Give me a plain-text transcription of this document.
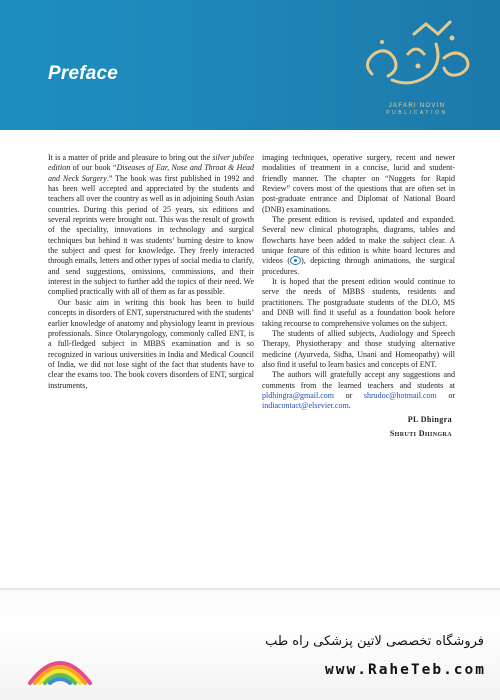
Preface
JAFARI NOVIN
PUBLICATION

It is a matter of pride and pleasure to bring out the silver jubilee edition of our book “Diseases of Ear, Nose and Throat & Head and Neck Surgery.” The book was first published in 1992 and has been well accepted and appreciated by the students and teachers all over the country as well as in adjoining South Asian countries. During this period of 25 years, six editions and several reprints were brought out. This was the result of growth of the speciality, innovations in technology and surgical techniques but behind it was students’ burning desire to know the subject and quest for knowledge. They freely interacted through emails, letters and other types of social media to clarify, and send suggestions, omissions, commissions, and their interest in the subject to further add the topics of their need. We complied practically with all of them as far as possible.

Our basic aim in writing this book has been to build concepts in disorders of ENT, superstructured with the students’ earlier knowledge of anatomy and physiology learnt in previous professionals. Since Otolaryngology, commonly called ENT, is a full-fledged subject in MBBS examination and is so recognized in various universities in India and Medical Council of India, we did not lose sight of the fact that students have to clear the exams too. The book covers disorders of ENT, surgical instruments,

imaging techniques, operative surgery, recent and newer modalities of treatment in a concise, lucid and student-friendly manner. The chapter on “Nuggets for Rapid Review” covers most of the questions that are often set in post-graduate entrance and Diplomat of National Board (DNB) examinations.

The present edition is revised, updated and expanded. Several new clinical photographs, diagrams, tables and flowcharts have been added to make the subject clear. A unique feature of this edition is white board lectures and videos ( ), depicting through animations, the surgical procedures.

It is hoped that the present edition would continue to serve the needs of MBBS students, residents and practitioners. The postgraduate students of the DLO, MS and DNB will find it useful as a foundation book before taking recourse to comprehensive volumes on the subject.

The students of allied subjects, Audiology and Speech Therapy, Physiotherapy and those studying alternative medicine (Ayurveda, Sidha, Unani and Homeopathy) will also find it useful to learn basics and concepts of ENT.

The authors will gratefully accept any suggestions and comments from the learned teachers and students at pldhingra@gmail.com or shrudoc@hotmail.com or indiacontact@elsevier.com.

PL Dhingra
Shruti Dhingra
فروشگاه تخصصی لاتین پزشکی راه طب
www.RaheTeb.com
